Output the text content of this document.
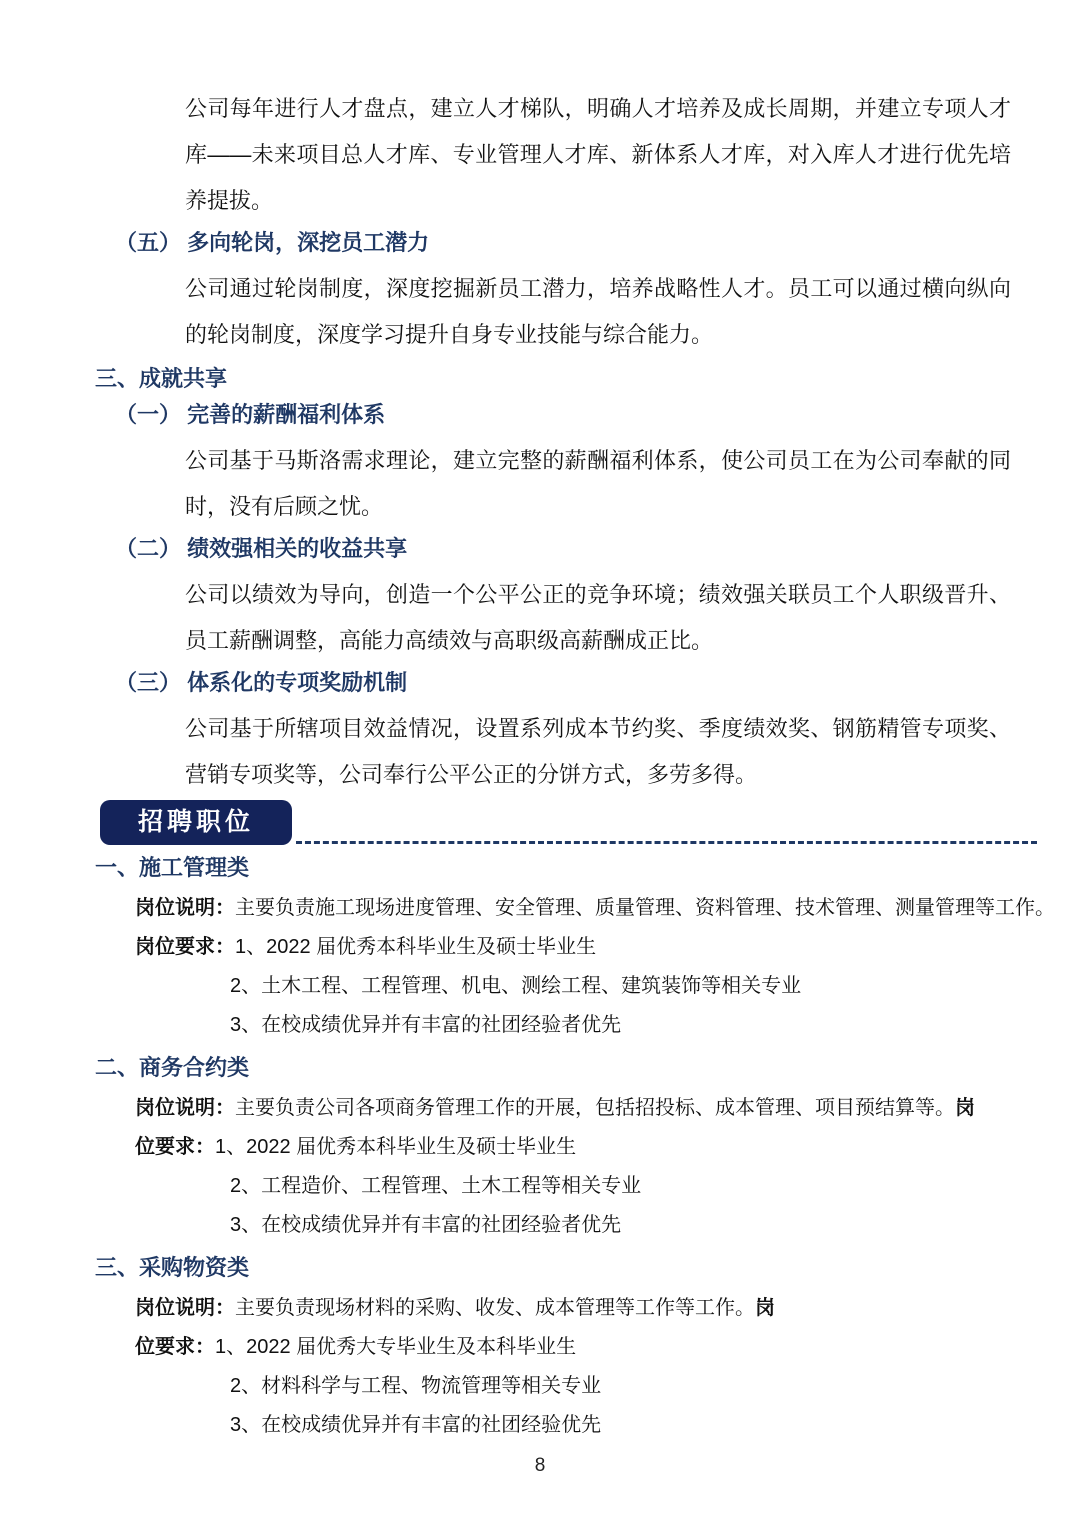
公司每年进行人才盘点，建立人才梯队，明确人才培养及成长周期，并建立专项人才库——未来项目总人才库、专业管理人才库、新体系人才库，对入库人才进行优先培养提拔。

（五） 多向轮岗，深挖员工潜力

公司通过轮岗制度，深度挖掘新员工潜力，培养战略性人才。员工可以通过横向纵向的轮岗制度，深度学习提升自身专业技能与综合能力。

三、成就共享
（一） 完善的薪酬福利体系

公司基于马斯洛需求理论，建立完整的薪酬福利体系，使公司员工在为公司奉献的同时，没有后顾之忧。

（二） 绩效强相关的收益共享

公司以绩效为导向，创造一个公平公正的竞争环境；绩效强关联员工个人职级晋升、员工薪酬调整，高能力高绩效与高职级高薪酬成正比。

（三） 体系化的专项奖励机制

公司基于所辖项目效益情况，设置系列成本节约奖、季度绩效奖、钢筋精管专项奖、营销专项奖等，公司奉行公平公正的分饼方式，多劳多得。

招聘职位
一、施工管理类

岗位说明：主要负责施工现场进度管理、安全管理、质量管理、资料管理、技术管理、测量管理等工作。

岗位要求：1、2022 届优秀本科毕业生及硕士毕业生

2、土木工程、工程管理、机电、测绘工程、建筑装饰等相关专业

3、在校成绩优异并有丰富的社团经验者优先

二、商务合约类

岗位说明：主要负责公司各项商务管理工作的开展，包括招投标、成本管理、项目预结算等。岗

位要求：1、2022 届优秀本科毕业生及硕士毕业生

2、工程造价、工程管理、土木工程等相关专业

3、在校成绩优异并有丰富的社团经验者优先

三、采购物资类

岗位说明：主要负责现场材料的采购、收发、成本管理等工作等工作。岗

位要求：1、2022 届优秀大专毕业生及本科毕业生

2、材料科学与工程、物流管理等相关专业

3、在校成绩优异并有丰富的社团经验优先

8
